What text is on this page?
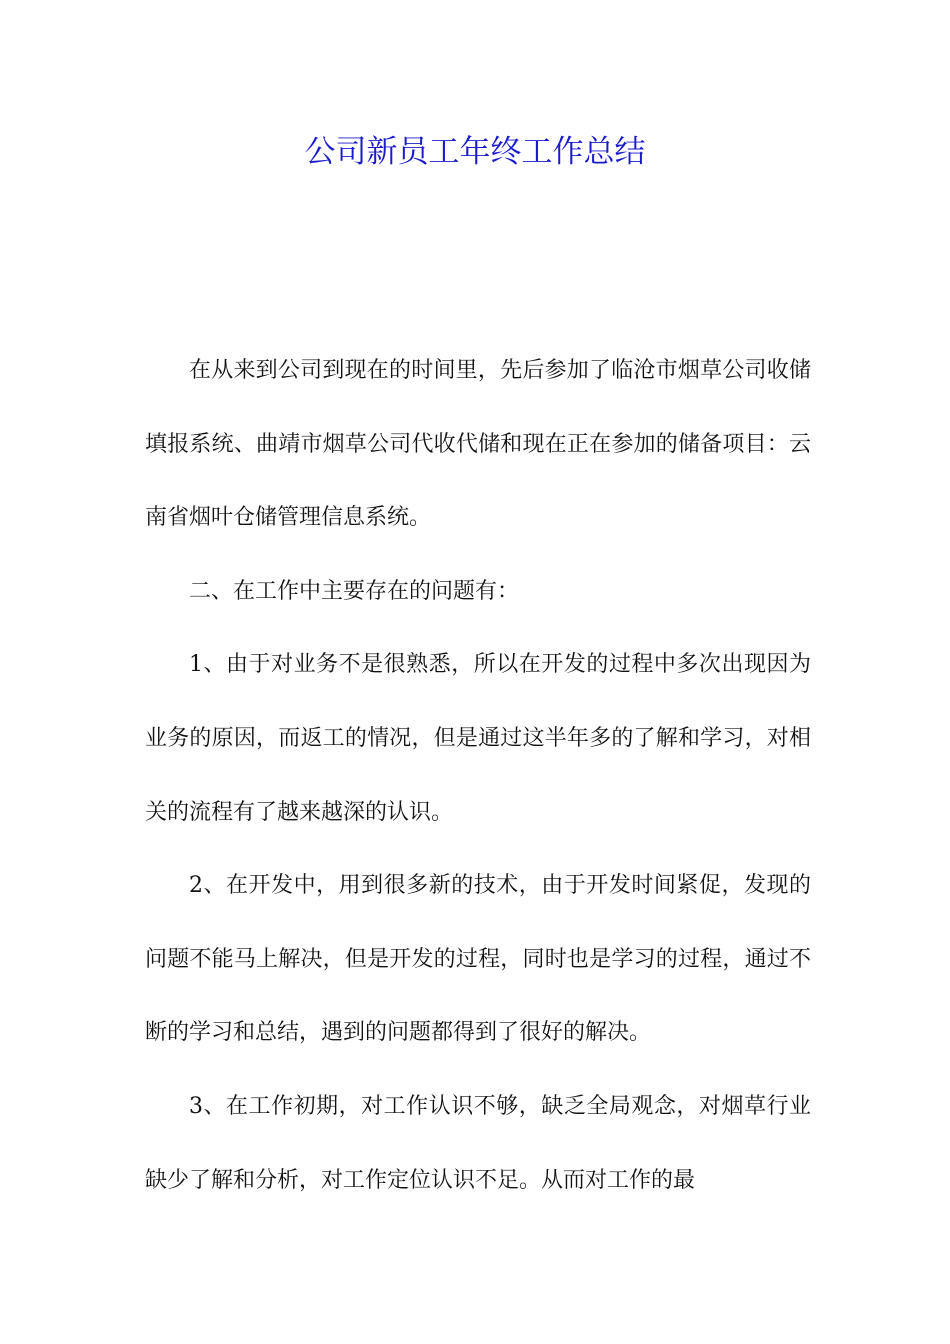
公司新员工年终工作总结

在从来到公司到现在的时间里，先后参加了临沧市烟草公司收储填报系统、曲靖市烟草公司代收代储和现在正在参加的储备项目：云南省烟叶仓储管理信息系统。

二、在工作中主要存在的问题有：

1、由于对业务不是很熟悉，所以在开发的过程中多次出现因为业务的原因，而返工的情况，但是通过这半年多的了解和学习，对相关的流程有了越来越深的认识。

2、在开发中，用到很多新的技术，由于开发时间紧促，发现的问题不能马上解决，但是开发的过程，同时也是学习的过程，通过不断的学习和总结，遇到的问题都得到了很好的解决。

3、在工作初期，对工作认识不够，缺乏全局观念，对烟草行业缺少了解和分析，对工作定位认识不足。从而对工作的最
